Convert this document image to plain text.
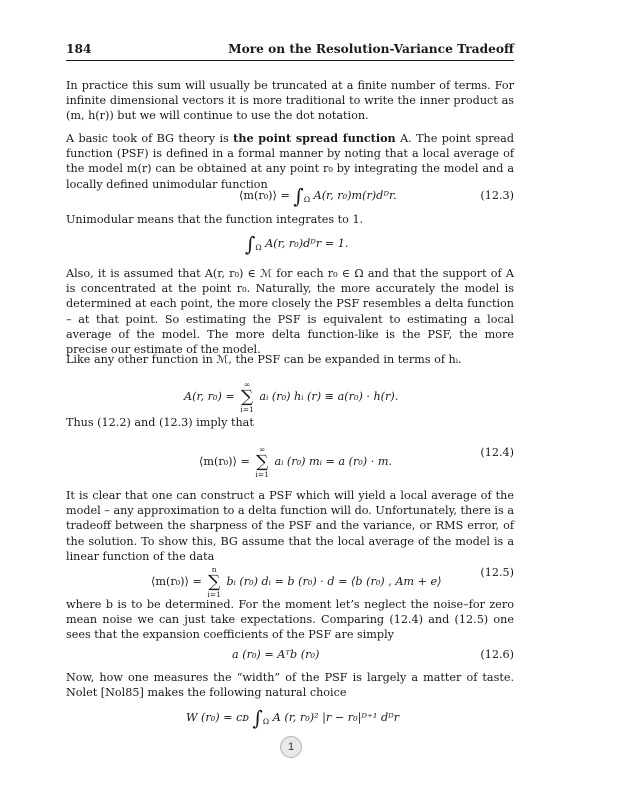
184	More on the Resolution-Variance Tradeoff
In practice this sum will usually be truncated at a finite number of terms. For infinite dimensional vectors it is more traditional to write the inner product as (m, h(r)) but we will continue to use the dot notation.
A basic took of BG theory is the point spread function A. The point spread function (PSF) is defined in a formal manner by noting that a local average of the model m(r) can be obtained at any point r₀ by integrating the model and a locally defined unimodular function
⟨m(r₀)⟩ = $\int_\Omega$ A(r, r₀)m(r)dᴰr.	(12.3)
Unimodular means that the function integrates to 1.
$\int_\Omega$ A(r, r₀)dᴰr = 1.
Also, it is assumed that A(r, r₀) ∈ ℳ for each r₀ ∈ Ω and that the support of A is concentrated at the point r₀. Naturally, the more accurately the model is determined at each point, the more closely the PSF resembles a delta function – at that point. So estimating the PSF is equivalent to estimating a local average of the model. The more delta function-like is the PSF, the more precise our estimate of the model.
Like any other function in ℳ, the PSF can be expanded in terms of hᵢ.
A(r, r₀) =
∞
∑
i=1
aᵢ (r₀) hᵢ (r) ≡ a(r₀) · h(r).
Thus (12.2) and (12.3) imply that
⟨m(r₀)⟩ =
∞
∑
i=1
aᵢ (r₀) mᵢ = a (r₀) · m.
(12.4)
It is clear that one can construct a PSF which will yield a local average of the model – any approximation to a delta function will do. Unfortunately, there is a tradeoff between the sharpness of the PSF and the variance, or RMS error, of the solution. To show this, BG assume that the local average of the model is a linear function of the data
⟨m(r₀)⟩ =
n
∑
i=1
bᵢ (r₀) dᵢ = b (r₀) · d = ⟨b (r₀) , Am + e⟩
(12.5)
where b is to be determined. For the moment let’s neglect the noise–for zero mean noise we can just take expectations. Comparing (12.4) and (12.5) one sees that the expansion coefficients of the PSF are simply
a (r₀) = Aᵀb (r₀)	(12.6)
Now, how one measures the “width” of the PSF is largely a matter of taste. Nolet [Nol85] makes the following natural choice
W (r₀) = cᴅ $\int_\Omega$ A (r, r₀)² |r − r₀|ᴰ⁺¹ dᴰr
1
